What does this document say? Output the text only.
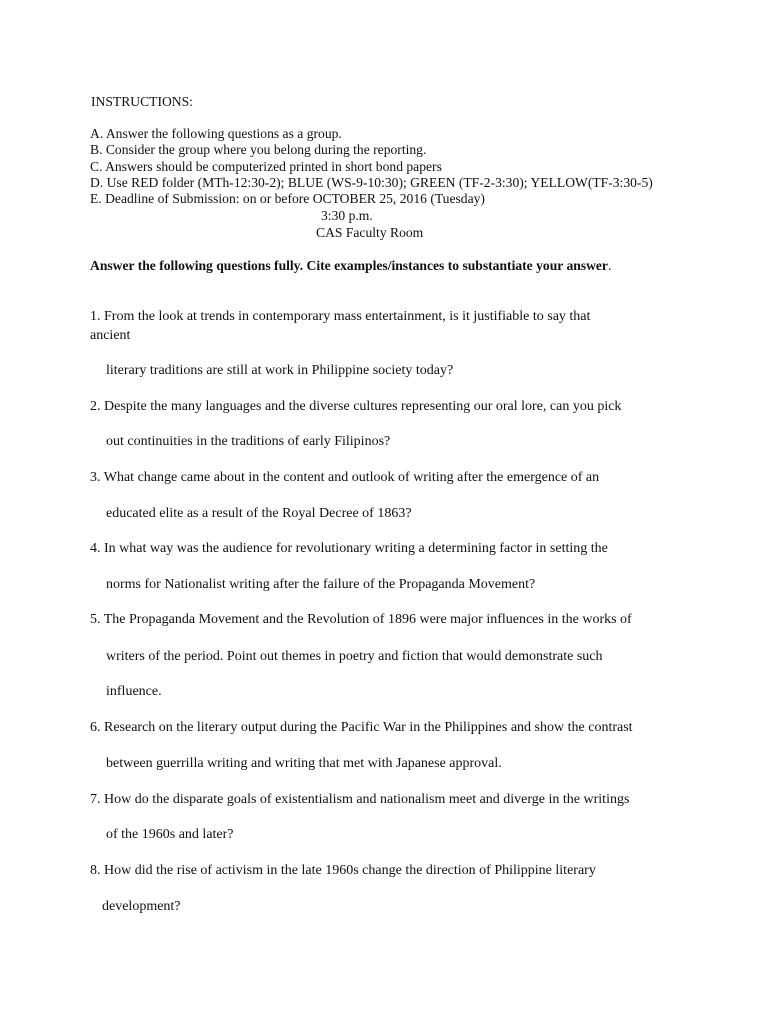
INSTRUCTIONS:
A. Answer the following questions as a group.
B. Consider the group where you belong during the reporting.
C. Answers should be computerized printed in short bond papers
D. Use RED folder (MTh-12:30-2); BLUE (WS-9-10:30); GREEN (TF-2-3:30); YELLOW(TF-3:30-5)
E. Deadline of Submission: on or before OCTOBER 25, 2016 (Tuesday)
3:30 p.m.
CAS Faculty Room
Answer the following questions fully. Cite examples/instances to substantiate your answer.
1. From the look at trends in contemporary mass entertainment, is it justifiable to say that
ancient
literary traditions are still at work in Philippine society today?
2. Despite the many languages and the diverse cultures representing our oral lore, can you pick
out continuities in the traditions of early Filipinos?
3. What change came about in the content and outlook of writing after the emergence of an
educated elite as a result of the Royal Decree of 1863?
4. In what way was the audience for revolutionary writing a determining factor in setting the
norms for Nationalist writing after the failure of the Propaganda Movement?
5. The Propaganda Movement and the Revolution of 1896 were major influences in the works of
writers of the period. Point out themes in poetry and fiction that would demonstrate such
influence.
6. Research on the literary output during the Pacific War in the Philippines and show the contrast
between guerrilla writing and writing that met with Japanese approval.
7. How do the disparate goals of existentialism and nationalism meet and diverge in the writings
of the 1960s and later?
8. How did the rise of activism in the late 1960s change the direction of Philippine literary
development?
